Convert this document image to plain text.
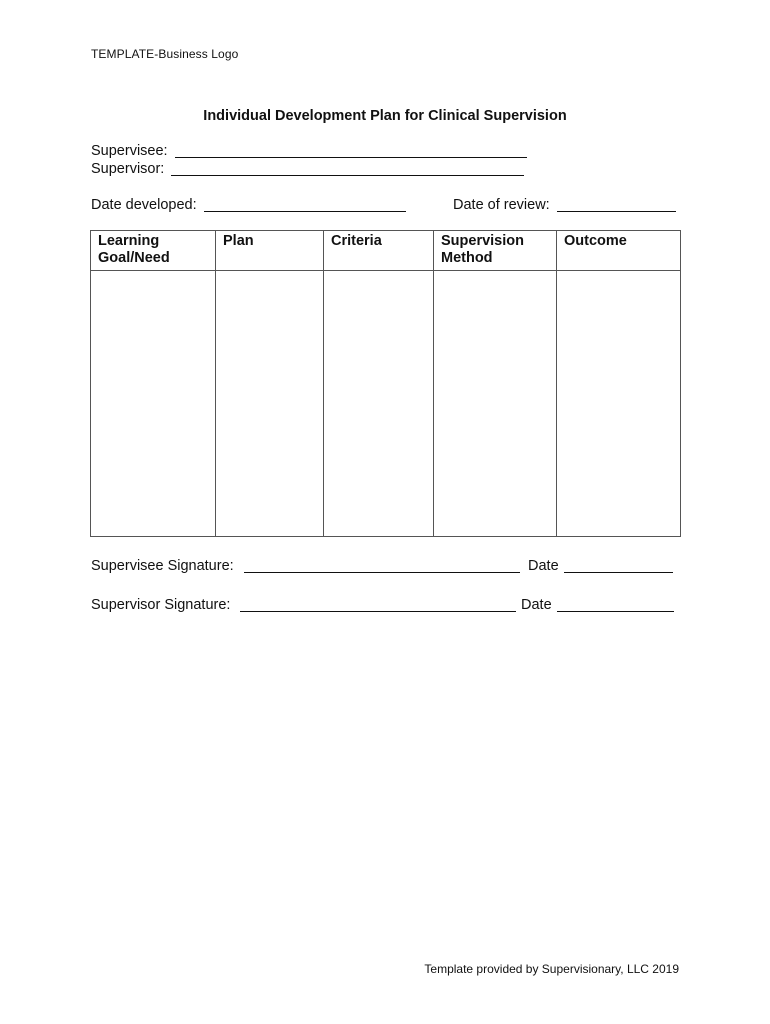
TEMPLATE-Business Logo
Individual Development Plan for Clinical Supervision
Supervisee:
Supervisor:
Date developed:	Date of review:
Learning Goal/Need	Plan	Criteria	Supervision Method	Outcome

Supervisee Signature:	Date
Supervisor Signature:	Date
Template provided by Supervisionary, LLC 2019
